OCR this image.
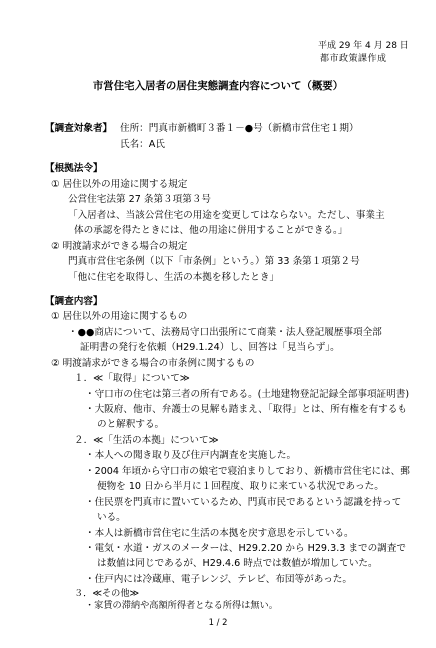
平成 29 年 4 月 28 日
都市政策課作成
市営住宅入居者の居住実態調査内容について（概要）
【調査対象者】 住所：門真市新橋町３番１－●号（新橋市営住宅１期）
氏名：A氏
【根拠法令】
① 居住以外の用途に関する規定
公営住宅法第 27 条第３項第３号
「入居者は、当該公営住宅の用途を変更してはならない。ただし、事業主
体の承認を得たときには、他の用途に併用することができる。」
② 明渡請求ができる場合の規定
門真市営住宅条例（以下「市条例」という。）第 33 条第１項第２号
「他に住宅を取得し、生活の本拠を移したとき」
【調査内容】
① 居住以外の用途に関するもの
・●●商店について、法務局守口出張所にて商業・法人登記履歴事項全部
証明書の発行を依頼（H29.1.24）し、回答は「見当らず」。
② 明渡請求ができる場合の市条例に関するもの
１．≪「取得」について≫
・守口市の住宅は第三者の所有である。(土地建物登記記録全部事項証明書)
・大阪府、他市、弁護士の見解も踏まえ、「取得」とは、所有権を有するも
のと解釈する。
２．≪「生活の本拠」について≫
・本人への聞き取り及び住戸内調査を実施した。
・2004 年頃から守口市の娘宅で寝泊まりしており、新橋市営住宅には、郵
便物を 10 日から半月に１回程度、取りに来ている状況であった。
・住民票を門真市に置いているため、門真市民であるという認識を持って
いる。
・本人は新橋市営住宅に生活の本拠を戻す意思を示している。
・電気・水道・ガスのメーターは、H29.2.20 から H29.3.3 までの調査で
は数値は同じであるが、H29.4.6 時点では数値が増加していた。
・住戸内には冷蔵庫、電子レンジ、テレビ、布団等があった。
３．≪その他≫
・家賃の滞納や高額所得者となる所得は無い。
1 / 2
